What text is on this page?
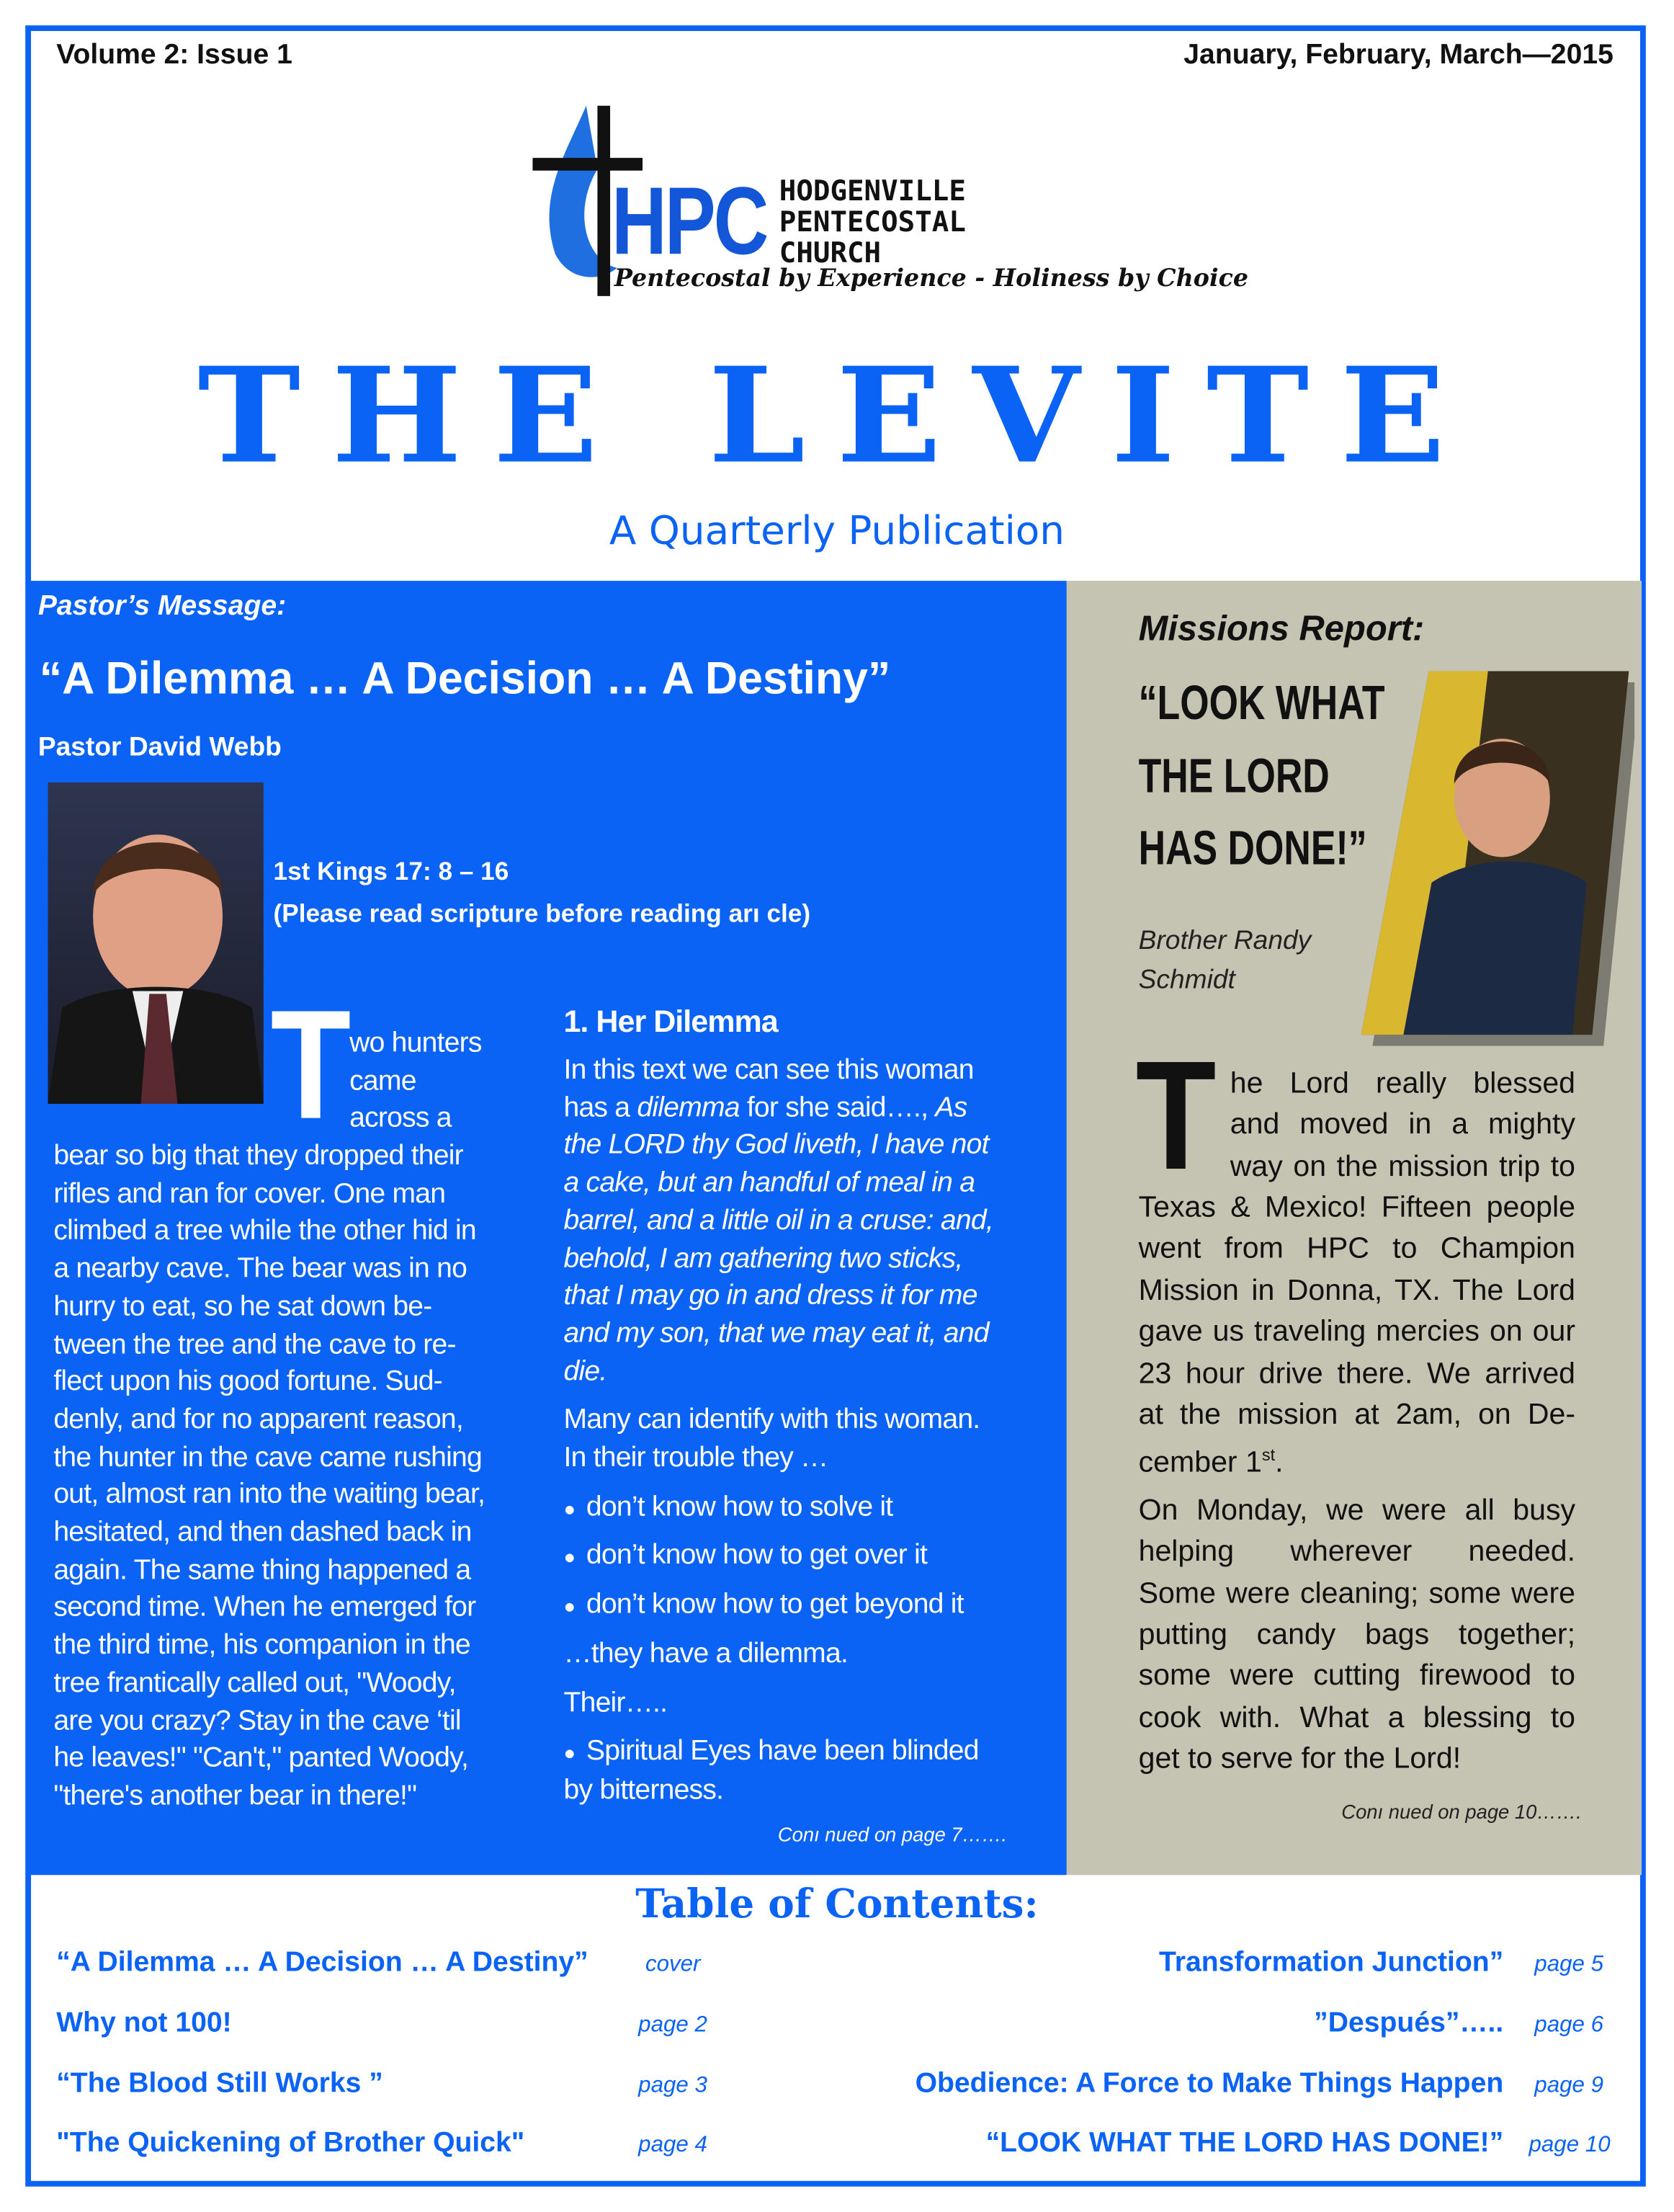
Volume 2: Issue 1	January, February, March—2015
HPC HODGENVILLE
PENTECOSTAL
CHURCH
Pentecostal by Experience - Holiness by Choice
THE LEVITE
A Quarterly Publication
Pastor’s Message:
“A Dilemma … A Decision … A Destiny”
Pastor David Webb
1st Kings 17: 8 – 16
(Please read scripture before reading arı cle)
T
wo hunters
came
across a
bear so big that they dropped their
rifles and ran for cover. One man
climbed a tree while the other hid in
a nearby cave. The bear was in no
hurry to eat, so he sat down be-
tween the tree and the cave to re-
flect upon his good fortune. Sud-
denly, and for no apparent reason,
the hunter in the cave came rushing
out, almost ran into the waiting bear,
hesitated, and then dashed back in
again. The same thing happened a
second time. When he emerged for
the third time, his companion in the
tree frantically called out, "Woody,
are you crazy? Stay in the cave ‘til
he leaves!" "Can't," panted Woody,
"there's another bear in there!"
1. Her Dilemma
In this text we can see this woman
has a dilemma for she said…., As
the LORD thy God liveth, I have not
a cake, but an handful of meal in a
barrel, and a little oil in a cruse: and,
behold, I am gathering two sticks,
that I may go in and dress it for me
and my son, that we may eat it, and
die.
Many can identify with this woman.
In their trouble they …
● don’t know how to solve it
● don’t know how to get over it
● don’t know how to get beyond it
…they have a dilemma.
Their…..
● Spiritual Eyes have been blinded
by bitterness.
Conı nued on page 7…….
Missions Report:
“LOOK WHAT
THE LORD
HAS DONE!”
Brother Randy
Schmidt
T he Lord really blessed
and moved in a mighty
way on the mission trip to
Texas & Mexico! Fifteen people
went from HPC to Champion
Mission in Donna, TX. The Lord
gave us traveling mercies on our
23 hour drive there. We arrived
at the mission at 2am, on De-
cember 1st.
On Monday, we were all busy
helping wherever needed.
Some were cleaning; some were
putting candy bags together;
some were cutting firewood to
cook with. What a blessing to
get to serve for the Lord!
Conı nued on page 10…….
Table of Contents:
“A Dilemma … A Decision … A Destiny”	cover
Why not 100!	page 2
“The Blood Still Works ”	page 3
"The Quickening of Brother Quick"	page 4
Transformation Junction”	page 5
”Después”…..	page 6
Obedience: A Force to Make Things Happen	page 9
“LOOK WHAT THE LORD HAS DONE!” page 10
